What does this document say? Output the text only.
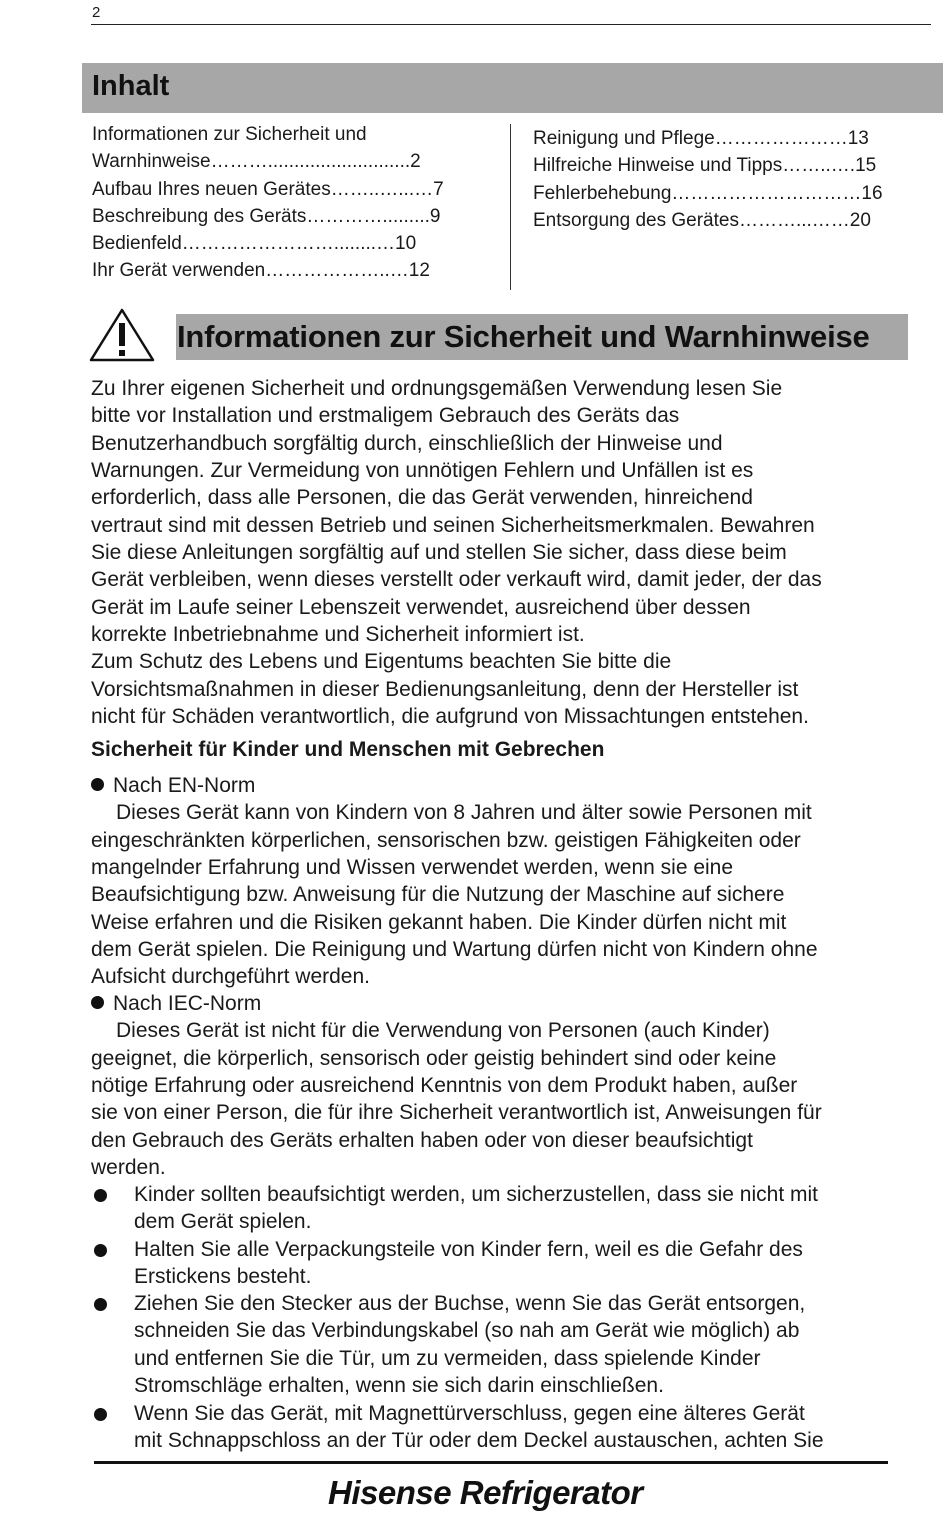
2
Inhalt
Informationen zur Sicherheit und
Warnhinweise………...........................2
Aufbau Ihres neuen Gerätes……..…...…7
Beschreibung des Geräts………….........9
Bedienfeld……………………........…10
Ihr Gerät verwenden………………..…12
Reinigung und Pflege…………………13
Hilfreiche Hinweise und Tipps……..….15
Fehlerbehebung…………………………16
Entsorgung des Gerätes………...……20
Informationen zur Sicherheit und Warnhinweise
Zu Ihrer eigenen Sicherheit und ordnungsgemäßen Verwendung lesen Sie
bitte vor Installation und erstmaligem Gebrauch des Geräts das
Benutzerhandbuch sorgfältig durch, einschließlich der Hinweise und
Warnungen. Zur Vermeidung von unnötigen Fehlern und Unfällen ist es
erforderlich, dass alle Personen, die das Gerät verwenden, hinreichend
vertraut sind mit dessen Betrieb und seinen Sicherheitsmerkmalen. Bewahren
Sie diese Anleitungen sorgfältig auf und stellen Sie sicher, dass diese beim
Gerät verbleiben, wenn dieses verstellt oder verkauft wird, damit jeder, der das
Gerät im Laufe seiner Lebenszeit verwendet, ausreichend über dessen
korrekte Inbetriebnahme und Sicherheit informiert ist.
Zum Schutz des Lebens und Eigentums beachten Sie bitte die
Vorsichtsmaßnahmen in dieser Bedienungsanleitung, denn der Hersteller ist
nicht für Schäden verantwortlich, die aufgrund von Missachtungen entstehen.
Sicherheit für Kinder und Menschen mit Gebrechen
Nach EN-Norm
Dieses Gerät kann von Kindern von 8 Jahren und älter sowie Personen mit
eingeschränkten körperlichen, sensorischen bzw. geistigen Fähigkeiten oder
mangelnder Erfahrung und Wissen verwendet werden, wenn sie eine
Beaufsichtigung bzw. Anweisung für die Nutzung der Maschine auf sichere
Weise erfahren und die Risiken gekannt haben. Die Kinder dürfen nicht mit
dem Gerät spielen. Die Reinigung und Wartung dürfen nicht von Kindern ohne
Aufsicht durchgeführt werden.
Nach IEC-Norm
Dieses Gerät ist nicht für die Verwendung von Personen (auch Kinder)
geeignet, die körperlich, sensorisch oder geistig behindert sind oder keine
nötige Erfahrung oder ausreichend Kenntnis von dem Produkt haben, außer
sie von einer Person, die für ihre Sicherheit verantwortlich ist, Anweisungen für
den Gebrauch des Geräts erhalten haben oder von dieser beaufsichtigt
werden.
Kinder sollten beaufsichtigt werden, um sicherzustellen, dass sie nicht mit
dem Gerät spielen.
Halten Sie alle Verpackungsteile von Kinder fern, weil es die Gefahr des
Erstickens besteht.
Ziehen Sie den Stecker aus der Buchse, wenn Sie das Gerät entsorgen,
schneiden Sie das Verbindungskabel (so nah am Gerät wie möglich) ab
und entfernen Sie die Tür, um zu vermeiden, dass spielende Kinder
Stromschläge erhalten, wenn sie sich darin einschließen.
Wenn Sie das Gerät, mit Magnettürverschluss, gegen eine älteres Gerät
mit Schnappschloss an der Tür oder dem Deckel austauschen, achten Sie
Hisense Refrigerator
